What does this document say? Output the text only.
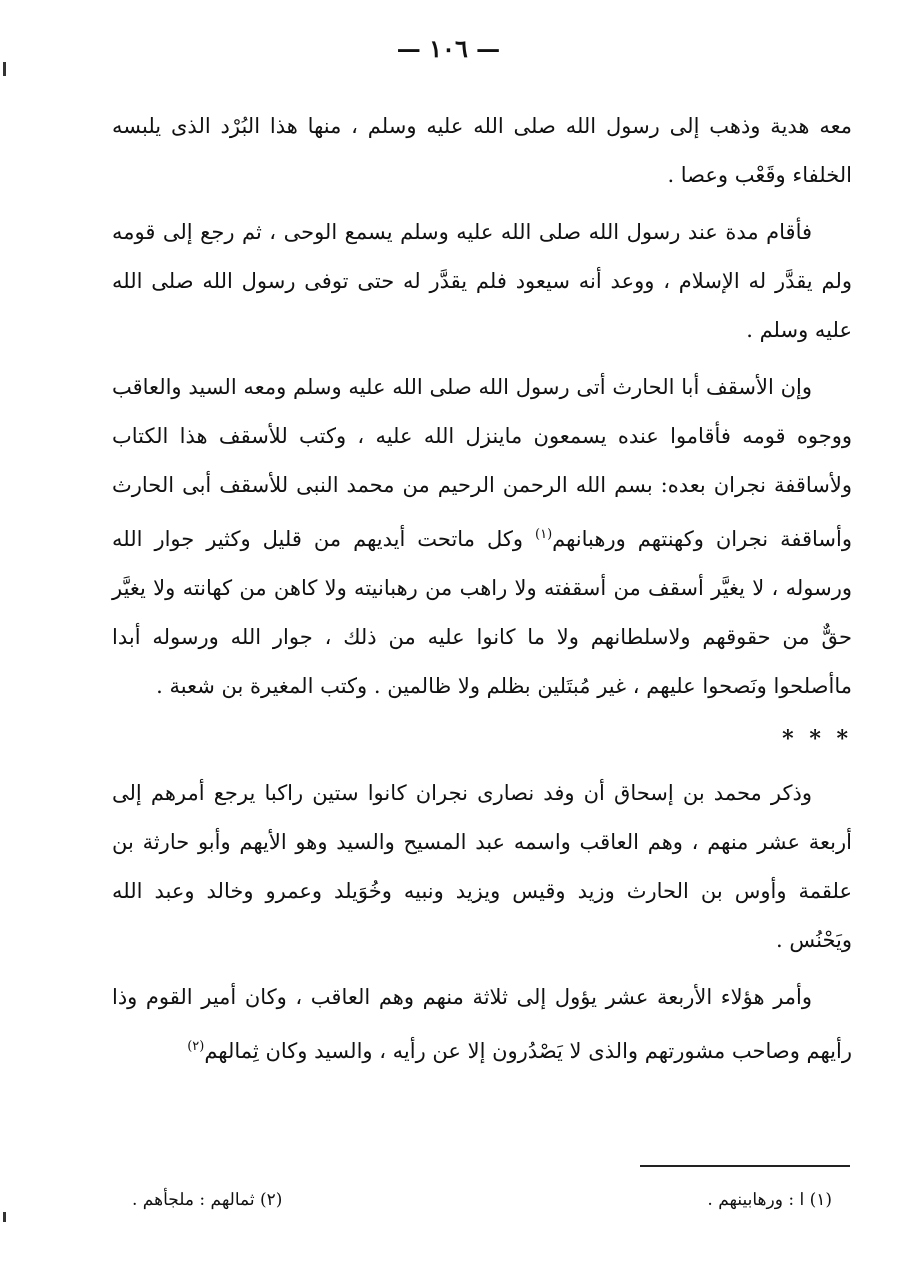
— ١٠٦ —

معه هدية وذهب إلى رسول الله صلى الله عليه وسلم ، منها هذا البُرْد الذى يلبسه الخلفاء وقَعْب وعصا .

فأقام مدة عند رسول الله صلى الله عليه وسلم يسمع الوحى ، ثم رجع إلى قومه ولم يقدَّر له الإسلام ، ووعد أنه سيعود فلم يقدَّر له حتى توفى رسول الله صلى الله عليه وسلم .

وإن الأسقف أبا الحارث أتى رسول الله صلى الله عليه وسلم ومعه السيد والعاقب ووجوه قومه فأقاموا عنده يسمعون ماينزل الله عليه ، وكتب للأسقف هذا الكتاب ولأساقفة نجران بعده: بسم الله الرحمن الرحيم من محمد النبى للأسقف أبى الحارث وأساقفة نجران وكهنتهم ورهبانهم$^{(١)}$ وكل ماتحت أيديهم من قليل وكثير جوار الله ورسوله ، لا يغيَّر أسقف من أسقفته ولا راهب من رهبانيته ولا كاهن من كهانته ولا يغيَّر حقٌّ من حقوقهم ولاسلطانهم ولا ما كانوا عليه من ذلك ، جوار الله ورسوله أبدا ماأصلحوا ونَصحوا عليهم ، غير مُبتَلين بظلم ولا ظالمين . وكتب المغيرة بن شعبة .

* * *

وذكر محمد بن إسحاق أن وفد نصارى نجران كانوا ستين راكبا يرجع أمرهم إلى أربعة عشر منهم ، وهم العاقب واسمه عبد المسيح والسيد وهو الأيهم وأبو حارثة بن علقمة وأوس بن الحارث وزيد وقيس ويزيد ونبيه وخُوَيلد وعمرو وخالد وعبد الله ويَحْنُس .

وأمر هؤلاء الأربعة عشر يؤول إلى ثلاثة منهم وهم العاقب ، وكان أمير القوم وذا رأيهم وصاحب مشورتهم والذى لا يَصْدُرون إلا عن رأيه ، والسيد وكان ثِمالهم$^{(٢)}$

(١) ا : ورهابينهم .
(٢) ثمالهم : ملجأهم .
